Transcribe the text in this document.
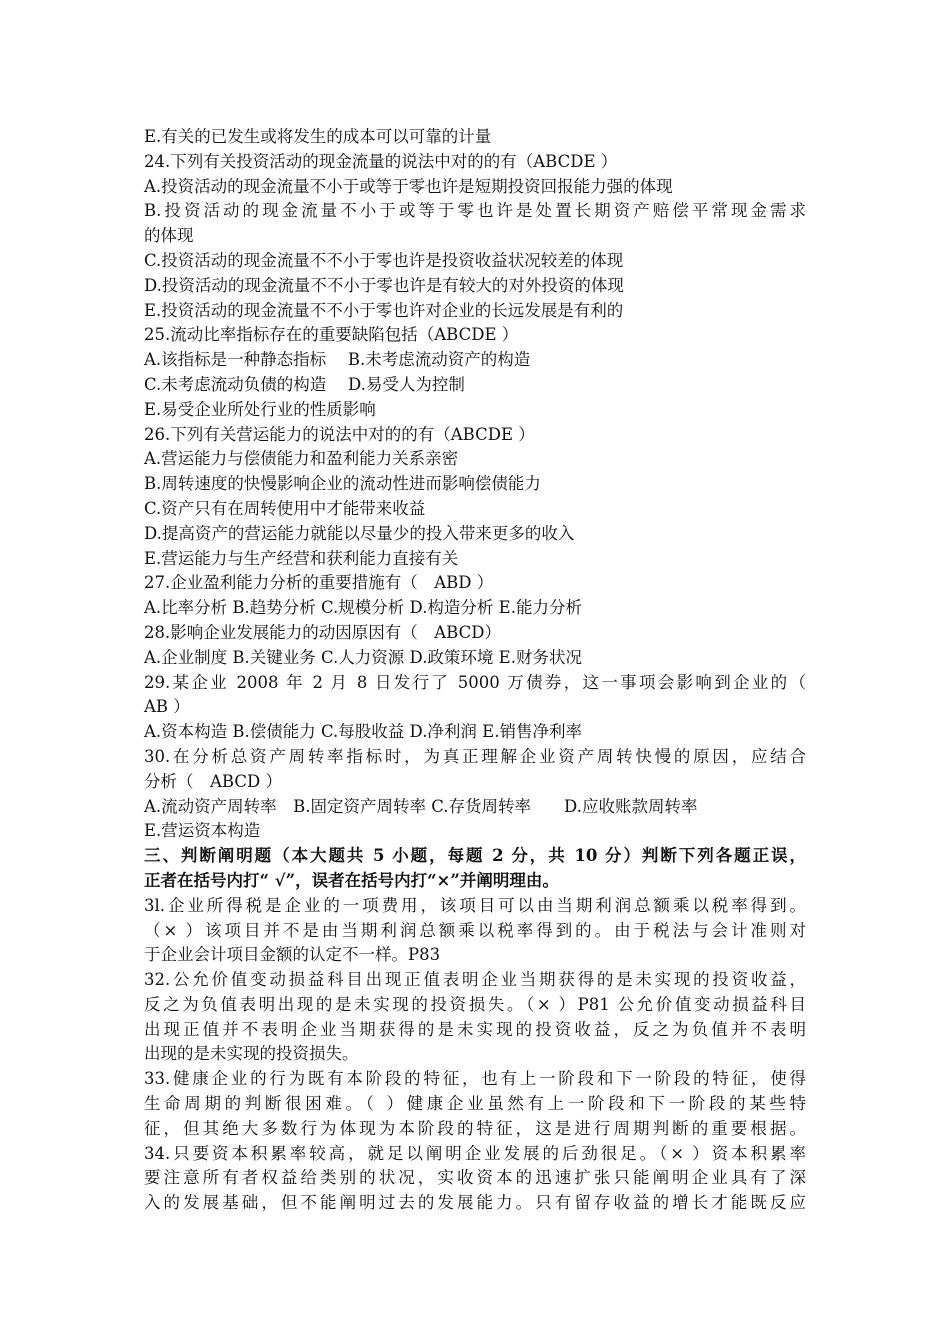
E.有关的已发生或将发生的成本可以可靠的计量
24.下列有关投资活动的现金流量的说法中对的的有（ABCDE ）
A.投资活动的现金流量不小于或等于零也许是短期投资回报能力强的体现
B.投资活动的现金流量不小于或等于零也许是处置长期资产赔偿平常现金需求
的体现
C.投资活动的现金流量不不小于零也许是投资收益状况较差的体现
D.投资活动的现金流量不不小于零也许是有较大的对外投资的体现
E.投资活动的现金流量不不小于零也许对企业的长远发展是有利的
25.流动比率指标存在的重要缺陷包括（ABCDE ）
A.该指标是一种静态指标　 B.未考虑流动资产的构造
C.未考虑流动负债的构造　 D.易受人为控制
E.易受企业所处行业的性质影响
26.下列有关营运能力的说法中对的的有（ABCDE ）
A.营运能力与偿债能力和盈利能力关系亲密
B.周转速度的快慢影响企业的流动性进而影响偿债能力
C.资产只有在周转使用中才能带来收益
D.提高资产的营运能力就能以尽量少的投入带来更多的收入
E.营运能力与生产经营和获利能力直接有关
27.企业盈利能力分析的重要措施有（　ABD ）
A.比率分析 B.趋势分析 C.规模分析 D.构造分析 E.能力分析
28.影响企业发展能力的动因原因有（　ABCD）
A.企业制度 B.关键业务 C.人力资源 D.政策环境 E.财务状况
29.某企业 2008 年 2 月 8 日发行了 5000 万债券，这一事项会影响到企业的（
AB ）
A.资本构造 B.偿债能力 C.每股收益 D.净利润 E.销售净利率
30.在分析总资产周转率指标时，为真正理解企业资产周转快慢的原因，应结合
分析（　ABCD ）
A.流动资产周转率　B.固定资产周转率 C.存货周转率　　D.应收账款周转率
E.营运资本构造
三、判断阐明题（本大题共 5 小题，每题 2 分，共 10 分）判断下列各题正误，
正者在括号内打“ √”，误者在括号内打“×”并阐明理由。
3l.企业所得税是企业的一项费用，该项目可以由当期利润总额乘以税率得到。
（× ）该项目并不是由当期利润总额乘以税率得到的。由于税法与会计准则对
于企业会计项目金额的认定不一样。P83
32.公允价值变动损益科目出现正值表明企业当期获得的是未实现的投资收益，
反之为负值表明出现的是未实现的投资损失。（× ）P81 公允价值变动损益科目
出现正值并不表明企业当期获得的是未实现的投资收益，反之为负值并不表明
出现的是未实现的投资损失。
33.健康企业的行为既有本阶段的特征，也有上一阶段和下一阶段的特征，使得
生命周期的判断很困难。（ ）健康企业虽然有上一阶段和下一阶段的某些特
征，但其绝大多数行为体现为本阶段的特征，这是进行周期判断的重要根据。
34.只要资本积累率较高，就足以阐明企业发展的后劲很足。（× ）资本积累率
要注意所有者权益给类别的状况，实收资本的迅速扩张只能阐明企业具有了深
入的发展基础，但不能阐明过去的发展能力。只有留存收益的增长才能既反应
